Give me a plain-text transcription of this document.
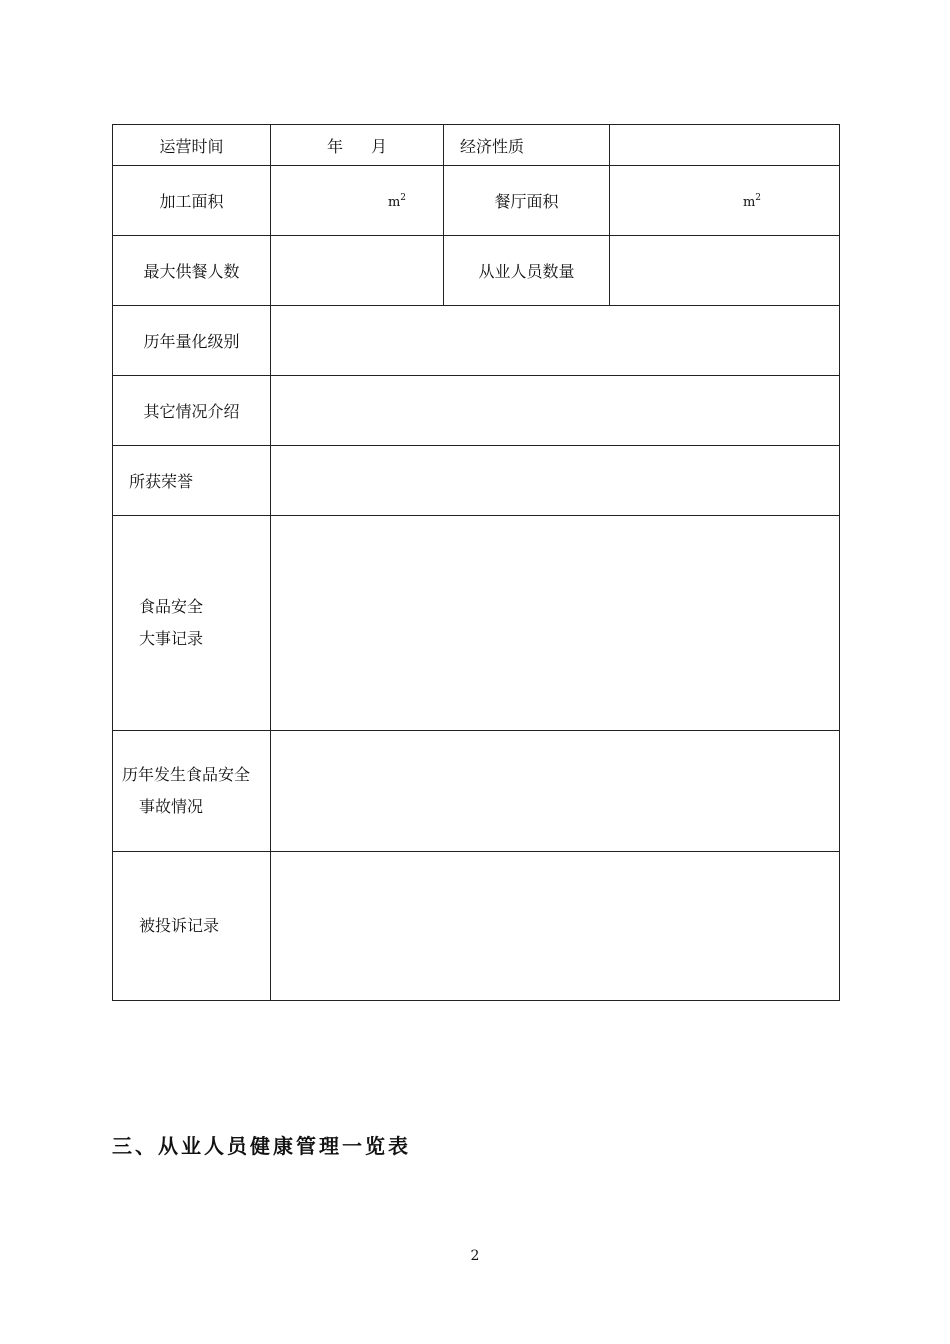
运营时间	年 月	经济性质	
加工面积	$m^2$	餐厅面积	$m^2$
最大供餐人数		从业人员数量	
历年量化级别			
其它情况介绍			
所获荣誉			

食品安全
大事记录			

历年发生食品安全
事故情况			

被投诉记录			
三、从业人员健康管理一览表
2
